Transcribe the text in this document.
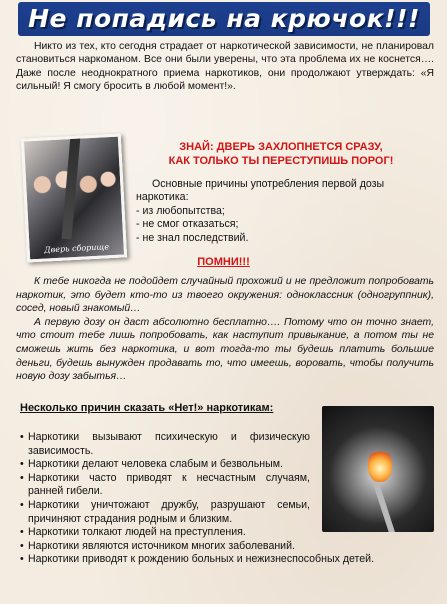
Не попадись на крючок!!!
Никто из тех, кто сегодня страдает от наркотической зависимости, не планировал становиться наркоманом. Все они были уверены, что эта проблема их не коснется…. Даже после неоднократного приема наркотиков, они продолжают утверждать: «Я сильный! Я смогу бросить в любой момент!».
Дверь сборище
ЗНАЙ: ДВЕРЬ ЗАХЛОПНЕТСЯ СРАЗУ,
КАК ТОЛЬКО ТЫ ПЕРЕСТУПИШЬ ПОРОГ!
Основные причины употребления первой дозы наркотика:
- из любопытства;
- не смог отказаться;
- не знал последствий.
ПОМНИ!!!

К тебе никогда не подойдет случайный прохожий и не предложит попробовать наркотик, это будет кто-то из твоего окружения: одноклассник (одногруппник), сосед, новый знакомый…

А первую дозу он даст абсолютно бесплатно…. Потому что он точно знает, что стоит тебе лишь попробовать, как наступит привыкание, а потом ты не сможешь жить без наркотика, и вот тогда-то ты будешь платить большие деньги, будешь вынужден продавать то, что имеешь, воровать, чтобы получить новую дозу забытья…

Несколько причин сказать «Нет!» наркотикам:
• Наркотики вызывают психическую и физическую зависимость.
• Наркотики делают человека слабым и безвольным.
• Наркотики часто приводят к несчастным случаям, ранней гибели.
• Наркотики уничтожают дружбу, разрушают семьи, причиняют страдания родным и близким.
• Наркотики толкают людей на преступления.
• Наркотики являются источником многих заболеваний.
• Наркотики приводят к рождению больных и нежизнеспособных детей.
